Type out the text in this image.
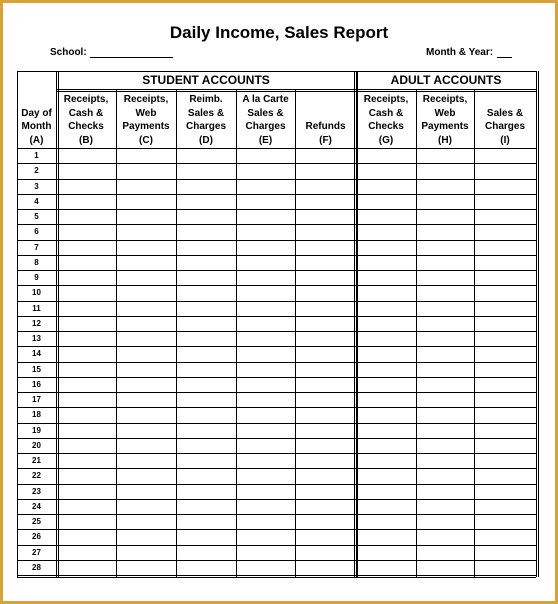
Daily Income, Sales Report
School:	Month & Year:
STUDENT ACCOUNTS	ADULT ACCOUNTS
Day of
Month
(A)
Receipts,
Cash &
Checks
(B)
Receipts,
Web
Payments
(C)
Reimb.
Sales &
Charges
(D)
A la Carte
Sales &
Charges
(E)
Refunds
(F)
Receipts,
Cash &
Checks
(G)
Receipts,
Web
Payments
(H)
Sales &
Charges
(I)
1
2
3
4
5
6
7
8
9
10
11
12
13
14
15
16
17
18
19
20
21
22
23
24
25
26
27
28
